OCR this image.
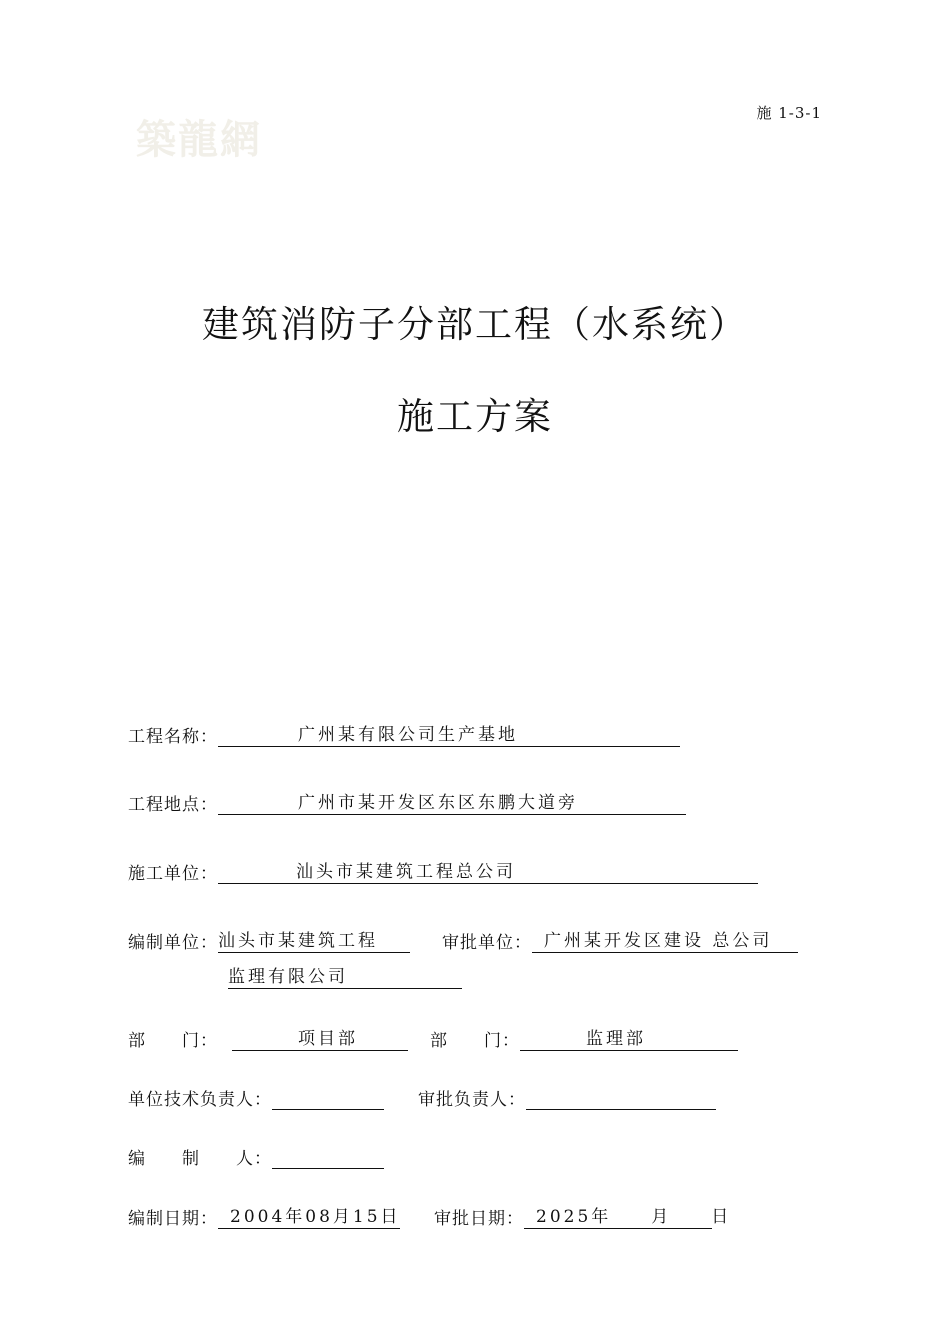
築龍網
施 1-3-1
建筑消防子分部工程（水系统）
施工方案
工程名称：	广州某有限公司生产基地
工程地点：	广州市某开发区东区东鹏大道旁
施工单位：	汕头市某建筑工程总公司
编制单位：汕头市某建筑工程	审批单位： 广州某开发区建设 总公司
监理有限公司
部　　门：	项目部	部　　门：	监理部
单位技术负责人：	审批负责人：
编　　制　　人：
编制日期： 2004年08月15日 审批日期： 2025年　　月　　日
